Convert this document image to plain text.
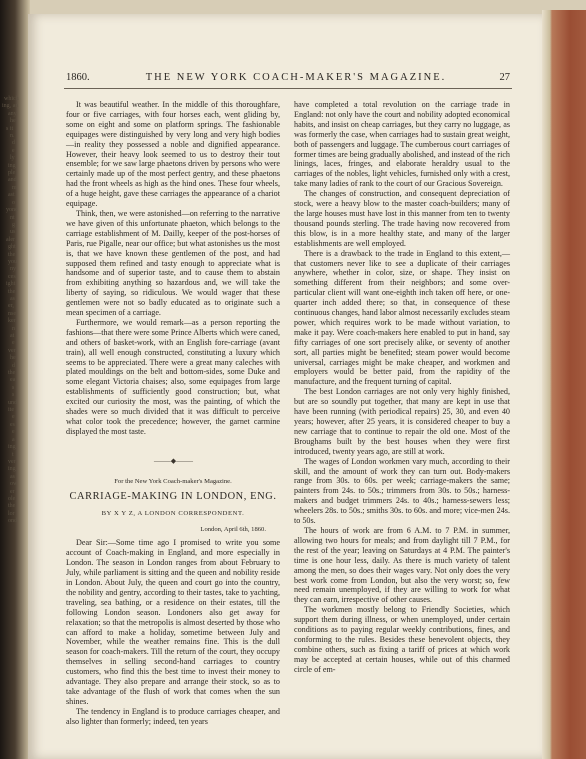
which
ing, an
any
he
s it
n.
d
e
ly
ing
ple
and
m
ast
o
yond
nt
g
us
aler
ght
the
you
ny
ces
ight
the
as
er,
nse
ker
n
at
e
ver
he
d
the
ea
s
s
und
ite
e
es
e
a
ing
t
ver
ing
as
ow
er
ole
the
lor
ond
1860.	THE NEW YORK COACH-MAKER'S MAGAZINE.	27

It was beautiful weather. In the middle of this thoroughfare, four or five carriages, with four horses each, went gliding by, some on eight and some on platform springs. The fashionable equipages were distinguished by very long and very high bodies—in reality they possessed a noble and dignified appearance. However, their heavy look seemed to us to destroy their tout ensemble; for we saw large phaetons driven by persons who were certainly made up of the most perfect gentry, and these phaetons had the front wheels as high as the hind ones. These four wheels, of a huge height, gave these carriages the appearance of a chariot equipage.

Think, then, we were astonished—on referring to the narrative we have given of this unfortunate phaeton, which belongs to the carriage establishment of M. Dailly, keeper of the post-horses of Paris, rue Pigalle, near our office; but what astonishes us the most is, that we have known these gentlemen of the post, and had supposed them refined and tasty enough to appreciate what is handsome and of superior taste, and to cause them to abstain from exhibiting anything so hazardous and, we will take the liberty of saying, so ridiculous. We would wager that these gentlemen were not so badly educated as to originate such a mean specimen of a carriage.

Furthermore, we would remark—as a person reporting the fashions—that there were some Prince Alberts which were caned, and others of basket-work, with an English fore-carriage (avant train), all well enough constructed, constituting a luxury which seems to be appreciated. There were a great many caleches with plated mouldings on the belt and bottom-sides, some Duke and some elegant Victoria chaises; also, some equipages from large establishments of sufficiently good construction; but, what excited our curiosity the most, was the painting, of which the shades were so much divided that it was difficult to perceive what color took the precedence; however, the garnet carmine displayed the most taste.

⸻ ◆ ⸻
For the New York Coach-maker's Magazine.
CARRIAGE-MAKING IN LONDON, ENG.
BY X Y Z, A LONDON CORRESPONDENT.
London, April 6th, 1860.

Dear Sir:—Some time ago I promised to write you some account of Coach-making in England, and more especially in London. The season in London ranges from about February to July, while parliament is sitting and the queen and nobility reside in London. About July, the queen and court go into the country, the nobility and gentry, according to their tastes, take to yachting, traveling, sea bathing, or a residence on their estates, till the following London season. Londoners also get away for relaxation; so that the metropolis is almost deserted by those who can afford to make a holiday, sometime between July and November, while the weather remains fine. This is the dull season for coach-makers. Till the return of the court, they occupy themselves in selling second-hand carriages to country customers, who find this the best time to invest their money to advantage. They also prepare and arrange their stock, so as to take advantage of the flush of work that comes when the sun shines.

The tendency in England is to produce carriages cheaper, and also lighter than formerly; indeed, ten years

have completed a total revolution on the carriage trade in England: not only have the court and nobility adopted economical habits, and insist on cheap carriages, but they carry no luggage, as was formerly the case, when carriages had to sustain great weight, both of passengers and luggage. The cumberous court carriages of former times are being gradually abolished, and instead of the rich linings, laces, fringes, and elaborate heraldry usual to the carriages of the nobles, light vehicles, furnished only with a crest, take many ladies of rank to the court of our Gracious Sovereign.

The changes of construction, and consequent depreciation of stock, were a heavy blow to the master coach-builders; many of the large houses must have lost in this manner from ten to twenty thousand pounds sterling. The trade having now recovered from this blow, is in a more healthy state, and many of the larger establishments are well employed.

There is a drawback to the trade in England to this extent,—that customers never like to see a duplicate of their carriages anywhere, whether in color, size, or shape. They insist on something different from their neighbors; and some over-particular client will want one-eighth inch taken off here, or one-quarter inch added there; so that, in consequence of these continuous changes, hand labor almost necessarily excludes steam power, which requires work to be made without variation, to make it pay. Were coach-makers here enabled to put in hand, say fifty carriages of one sort precisely alike, or seventy of another sort, all parties might be benefited; steam power would become universal, carriages might be make cheaper, and workmen and employers would be better paid, from the rapidity of the manufacture, and the frequent turning of capital.

The best London carriages are not only very highly finished, but are so soundly put together, that many are kept in use that have been running (with periodical repairs) 25, 30, and even 40 years; however, after 25 years, it is considered cheaper to buy a new carriage that to continue to repair the old one. Most of the Broughams built by the best houses when they were first introduced, twenty years ago, are still at work.

The wages of London workmen vary much, according to their skill, and the amount of work they can turn out. Body-makers range from 30s. to 60s. per week; carriage-makers the same; painters from 24s. to 50s.; trimmers from 30s. to 50s.; harness-makers and budget trimmers 24s. to 40s.; harness-sewers less; wheelers 28s. to 50s.; smiths 30s. to 60s. and more; vice-men 24s. to 50s.

The hours of work are from 6 A.M. to 7 P.M. in summer, allowing two hours for meals; and from daylight till 7 P.M., for the rest of the year; leaving on Saturdays at 4 P.M. The painter's time is one hour less, daily. As there is much variety of talent among the men, so does their wages vary. Not only does the very best work come from London, but also the very worst; so, few need remain unemployed, if they are willing to work for what they can earn, irrespective of other causes.

The workmen mostly belong to Friendly Societies, which support them during illness, or when unemployed, under certain conditions as to paying regular weekly contributions, fines, and conforming to the rules. Besides these benevolent objects, they combine others, such as fixing a tariff of prices at which work may be accepted at certain houses, while out of this charmed circle of em-
